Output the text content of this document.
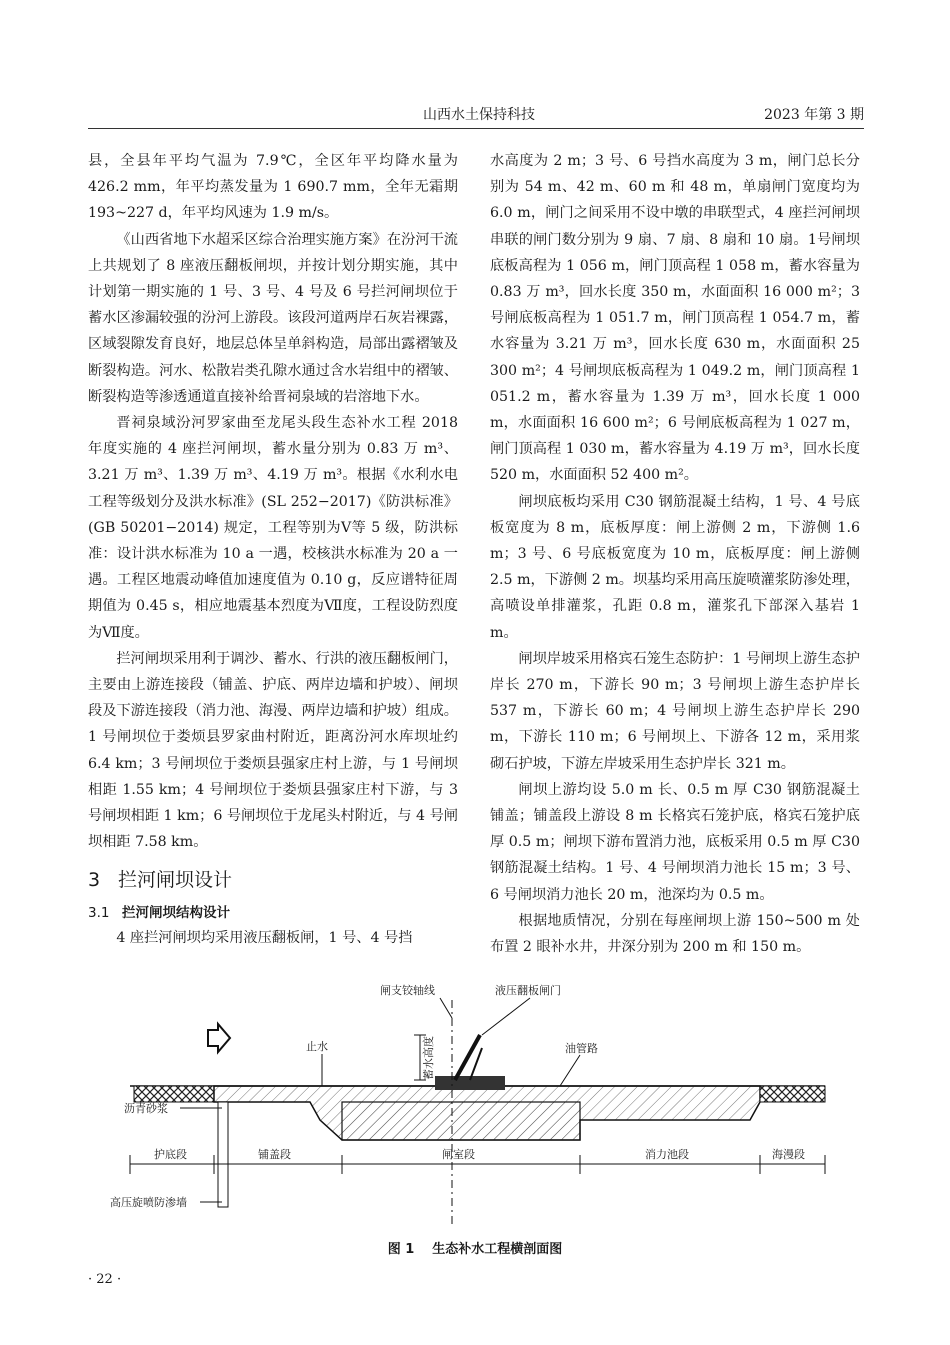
山西水土保持科技	2023 年第 3 期

县，全县年平均气温为 7.9℃，全区年平均降水量为 426.2 mm，年平均蒸发量为 1 690.7 mm，全年无霜期 193~227 d，年平均风速为 1.9 m/s。

《山西省地下水超采区综合治理实施方案》在汾河干流上共规划了 8 座液压翻板闸坝，并按计划分期实施，其中计划第一期实施的 1 号、3 号、4 号及 6 号拦河闸坝位于蓄水区渗漏较强的汾河上游段。该段河道两岸石灰岩裸露，区域裂隙发育良好，地层总体呈单斜构造，局部出露褶皱及断裂构造。河水、松散岩类孔隙水通过含水岩组中的褶皱、断裂构造等渗透通道直接补给晋祠泉域的岩溶地下水。

晋祠泉域汾河罗家曲至龙尾头段生态补水工程 2018 年度实施的 4 座拦河闸坝，蓄水量分别为 0.83 万 m³、3.21 万 m³、1.39 万 m³、4.19 万 m³。根据《水利水电工程等级划分及洪水标准》(SL 252−2017)《防洪标准》(GB 50201−2014) 规定，工程等别为Ⅴ等 5 级，防洪标准：设计洪水标准为 10 a 一遇，校核洪水标准为 20 a 一遇。工程区地震动峰值加速度值为 0.10 g，反应谱特征周期值为 0.45 s，相应地震基本烈度为Ⅶ度，工程设防烈度为Ⅶ度。

拦河闸坝采用利于调沙、蓄水、行洪的液压翻板闸门，主要由上游连接段（铺盖、护底、两岸边墙和护坡）、闸坝段及下游连接段（消力池、海漫、两岸边墙和护坡）组成。1 号闸坝位于娄烦县罗家曲村附近，距离汾河水库坝址约 6.4 km；3 号闸坝位于娄烦县强家庄村上游，与 1 号闸坝相距 1.55 km；4 号闸坝位于娄烦县强家庄村下游，与 3 号闸坝相距 1 km；6 号闸坝位于龙尾头村附近，与 4 号闸坝相距 7.58 km。

3 拦河闸坝设计
3.1 拦河闸坝结构设计

4 座拦河闸坝均采用液压翻板闸，1 号、4 号挡

水高度为 2 m；3 号、6 号挡水高度为 3 m，闸门总长分别为 54 m、42 m、60 m 和 48 m，单扇闸门宽度均为 6.0 m，闸门之间采用不设中墩的串联型式，4 座拦河闸坝串联的闸门数分别为 9 扇、7 扇、8 扇和 10 扇。1号闸坝底板高程为 1 056 m，闸门顶高程 1 058 m，蓄水容量为 0.83 万 m³，回水长度 350 m，水面面积 16 000 m²；3 号闸底板高程为 1 051.7 m，闸门顶高程 1 054.7 m，蓄水容量为 3.21 万 m³，回水长度 630 m，水面面积 25 300 m²；4 号闸坝底板高程为 1 049.2 m，闸门顶高程 1 051.2 m，蓄水容量为 1.39 万 m³，回水长度 1 000 m，水面面积 16 600 m²；6 号闸底板高程为 1 027 m，闸门顶高程 1 030 m，蓄水容量为 4.19 万 m³，回水长度 520 m，水面面积 52 400 m²。

闸坝底板均采用 C30 钢筋混凝土结构，1 号、4 号底板宽度为 8 m，底板厚度：闸上游侧 2 m，下游侧 1.6 m；3 号、6 号底板宽度为 10 m，底板厚度：闸上游侧 2.5 m，下游侧 2 m。坝基均采用高压旋喷灌浆防渗处理，高喷设单排灌浆，孔距 0.8 m，灌浆孔下部深入基岩 1 m。

闸坝岸坡采用格宾石笼生态防护：1 号闸坝上游生态护岸长 270 m，下游长 90 m；3 号闸坝上游生态护岸长 537 m，下游长 60 m；4 号闸坝上游生态护岸长 290 m，下游长 110 m；6 号闸坝上、下游各 12 m，采用浆砌石护坡，下游左岸坡采用生态护岸长 321 m。

闸坝上游均设 5.0 m 长、0.5 m 厚 C30 钢筋混凝土铺盖；铺盖段上游设 8 m 长格宾石笼护底，格宾石笼护底厚 0.5 m；闸坝下游布置消力池，底板采用 0.5 m 厚 C30 钢筋混凝土结构。1 号、4 号闸坝消力池长 15 m；3 号、6 号闸坝消力池长 20 m，池深均为 0.5 m。

根据地质情况，分别在每座闸坝上游 150~500 m 处布置 2 眼补水井，井深分别为 200 m 和 150 m。

闸支铰轴线	液压翻板闸门
止水	蓄水高度	油管路
沥青砂浆
高压旋喷防渗墙
护底段	铺盖段	闸室段	消力池段	海漫段
图 1 生态补水工程横剖面图
· 22 ·
